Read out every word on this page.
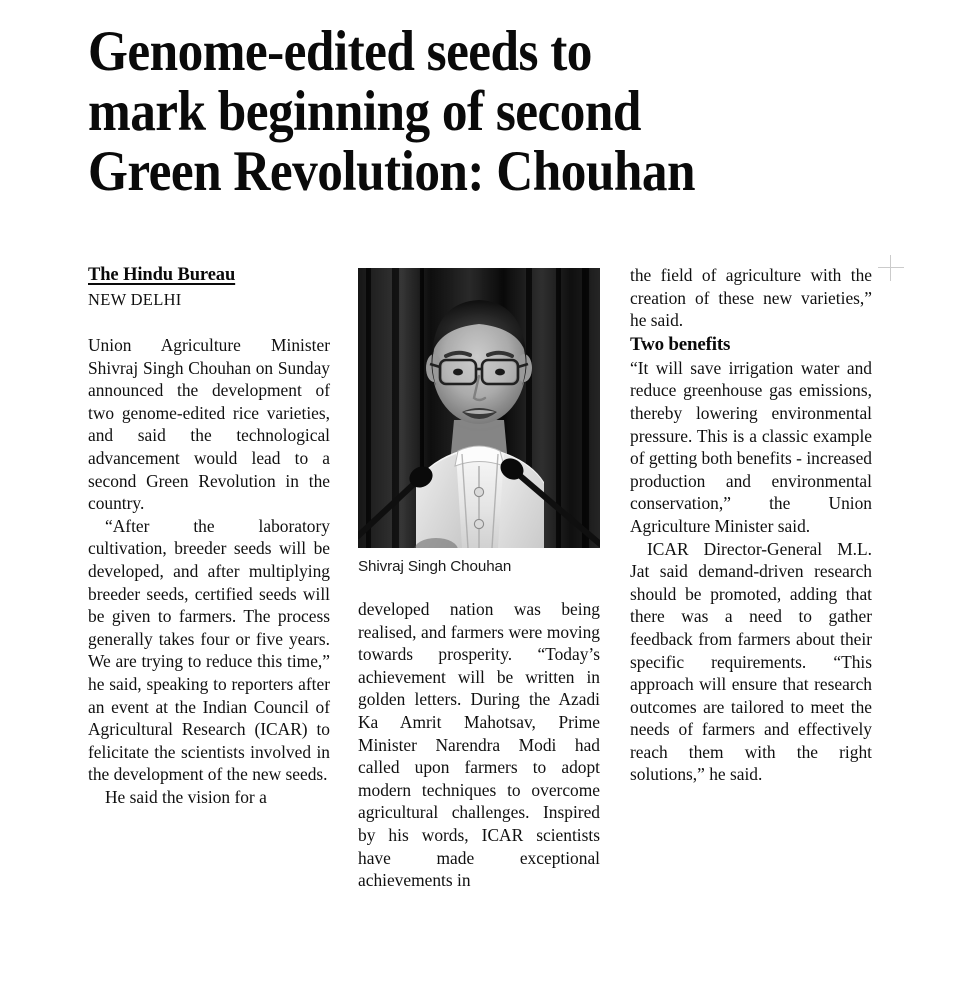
Genome-edited seeds to
mark beginning of second
Green Revolution: Chouhan
The Hindu Bureau
NEW DELHI
Shivraj Singh Chouhan

Union Agriculture Minister Shivraj Singh Chouhan on Sunday announced the development of two genome-edited rice varieties, and said the technological advancement would lead to a second Green Revolution in the country.

“After the laboratory cultivation, breeder seeds will be developed, and after multiplying breeder seeds, certified seeds will be given to farmers. The process generally takes four or five years. We are trying to reduce this time,” he said, speaking to reporters after an event at the Indian Council of Agricultural Research (ICAR) to felicitate the scientists involved in the development of the new seeds.

He said the vision for a

developed nation was being realised, and farmers were moving towards prosperity. “Today’s achievement will be written in golden letters. During the Azadi Ka Amrit Mahotsav, Prime Minister Narendra Modi had called upon farmers to adopt modern techniques to overcome agricultural challenges. Inspired by his words, ICAR scientists have made exceptional achievements in

the field of agriculture with the creation of these new varieties,” he said.

Two benefits

“It will save irrigation water and reduce greenhouse gas emissions, thereby lowering environmental pressure. This is a classic example of getting both benefits - increased production and environmental conservation,” the Union Agriculture Minister said.

ICAR Director-General M.L. Jat said demand-driven research should be promoted, adding that there was a need to gather feedback from farmers about their specific requirements. “This approach will ensure that research outcomes are tailored to meet the needs of farmers and effectively reach them with the right solutions,” he said.
